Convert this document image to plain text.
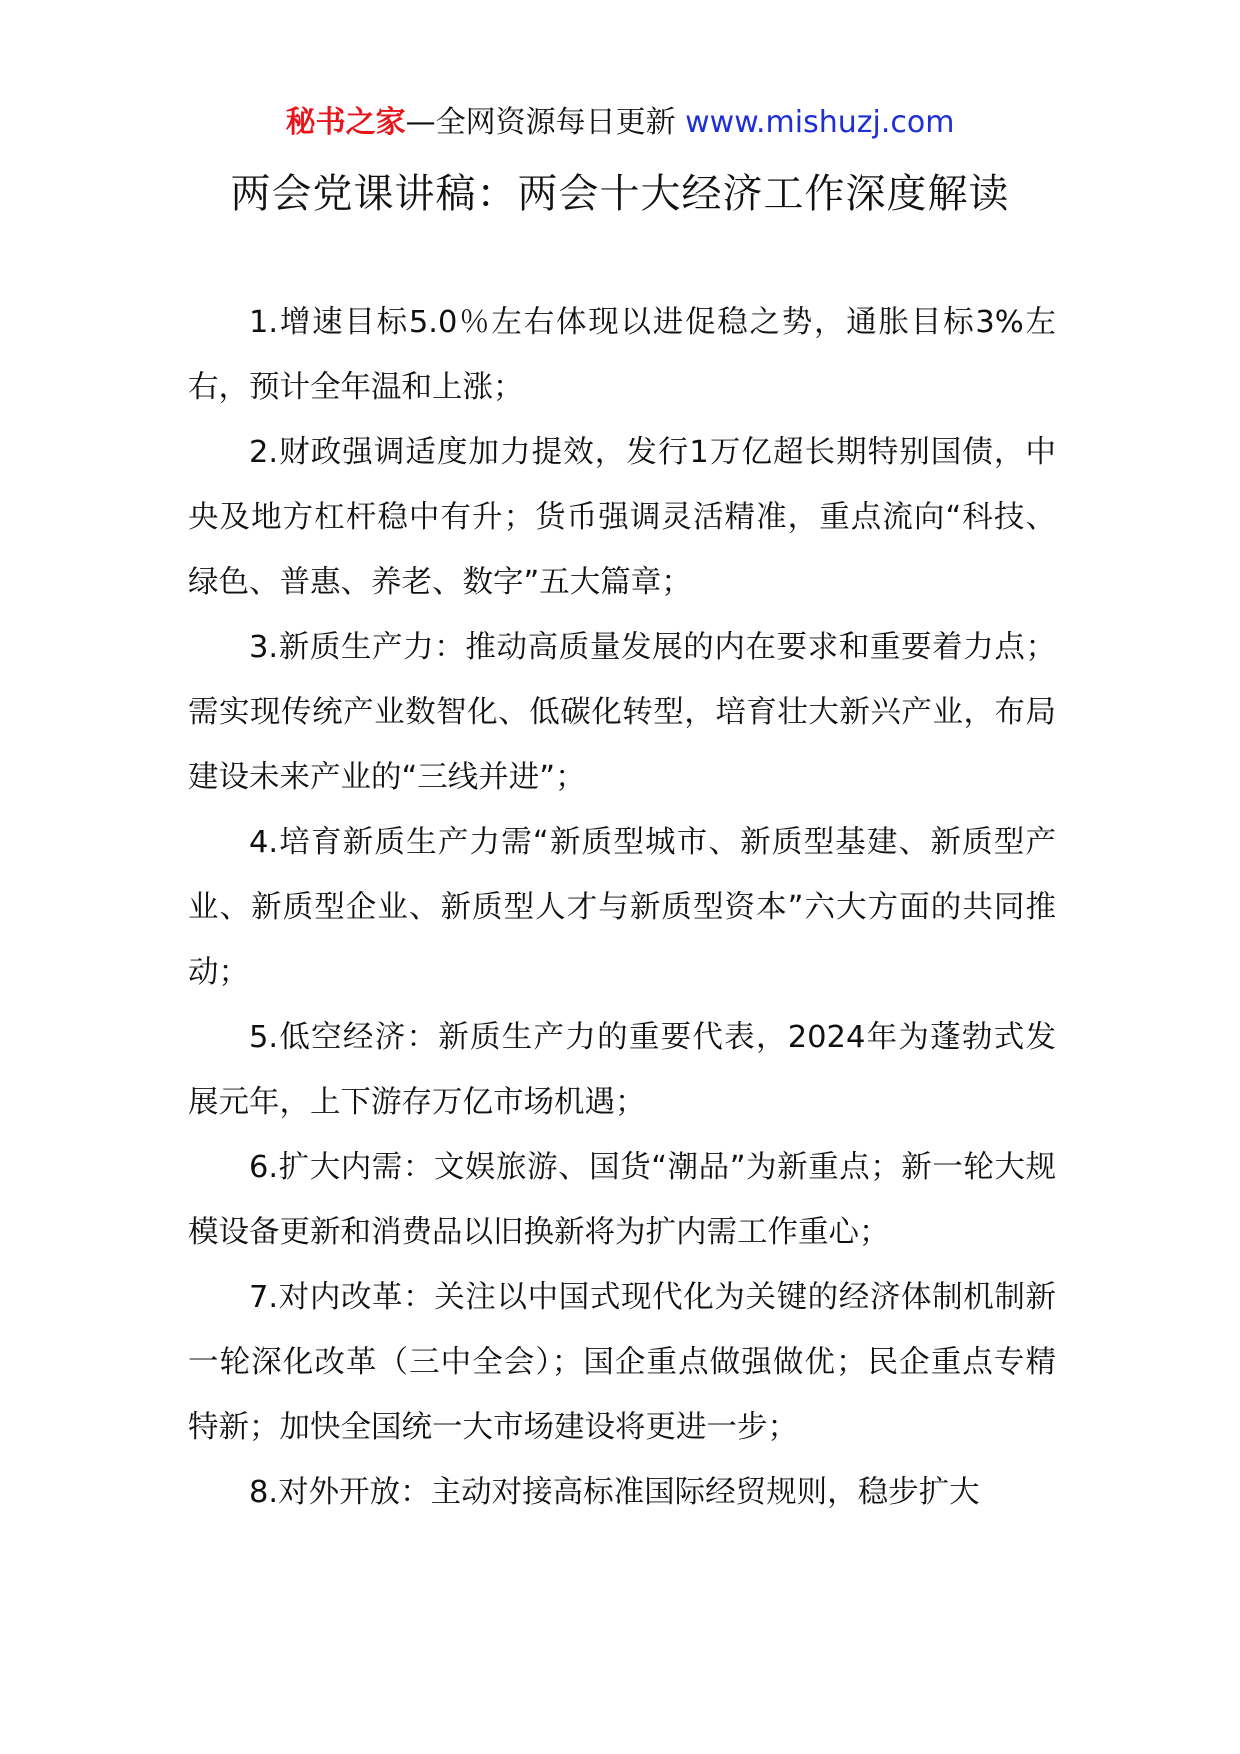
秘书之家—全网资源每日更新 www.mishuzj.com
两会党课讲稿：两会十大经济工作深度解读

1.增速目标5.0％左右体现以进促稳之势，通胀目标3%左右，预计全年温和上涨；

2.财政强调适度加力提效，发行1万亿超长期特别国债，中央及地方杠杆稳中有升；货币强调灵活精准，重点流向“科技、绿色、普惠、养老、数字”五大篇章；

3.新质生产力：推动高质量发展的内在要求和重要着力点；需实现传统产业数智化、低碳化转型，培育壮大新兴产业，布局建设未来产业的“三线并进”；

4.培育新质生产力需“新质型城市、新质型基建、新质型产业、新质型企业、新质型人才与新质型资本”六大方面的共同推动；

5.低空经济：新质生产力的重要代表，2024年为蓬勃式发展元年，上下游存万亿市场机遇；

6.扩大内需：文娱旅游、国货“潮品”为新重点；新一轮大规模设备更新和消费品以旧换新将为扩内需工作重心；

7.对内改革：关注以中国式现代化为关键的经济体制机制新一轮深化改革（三中全会）；国企重点做强做优；民企重点专精特新；加快全国统一大市场建设将更进一步；

8.对外开放：主动对接高标准国际经贸规则，稳步扩大
